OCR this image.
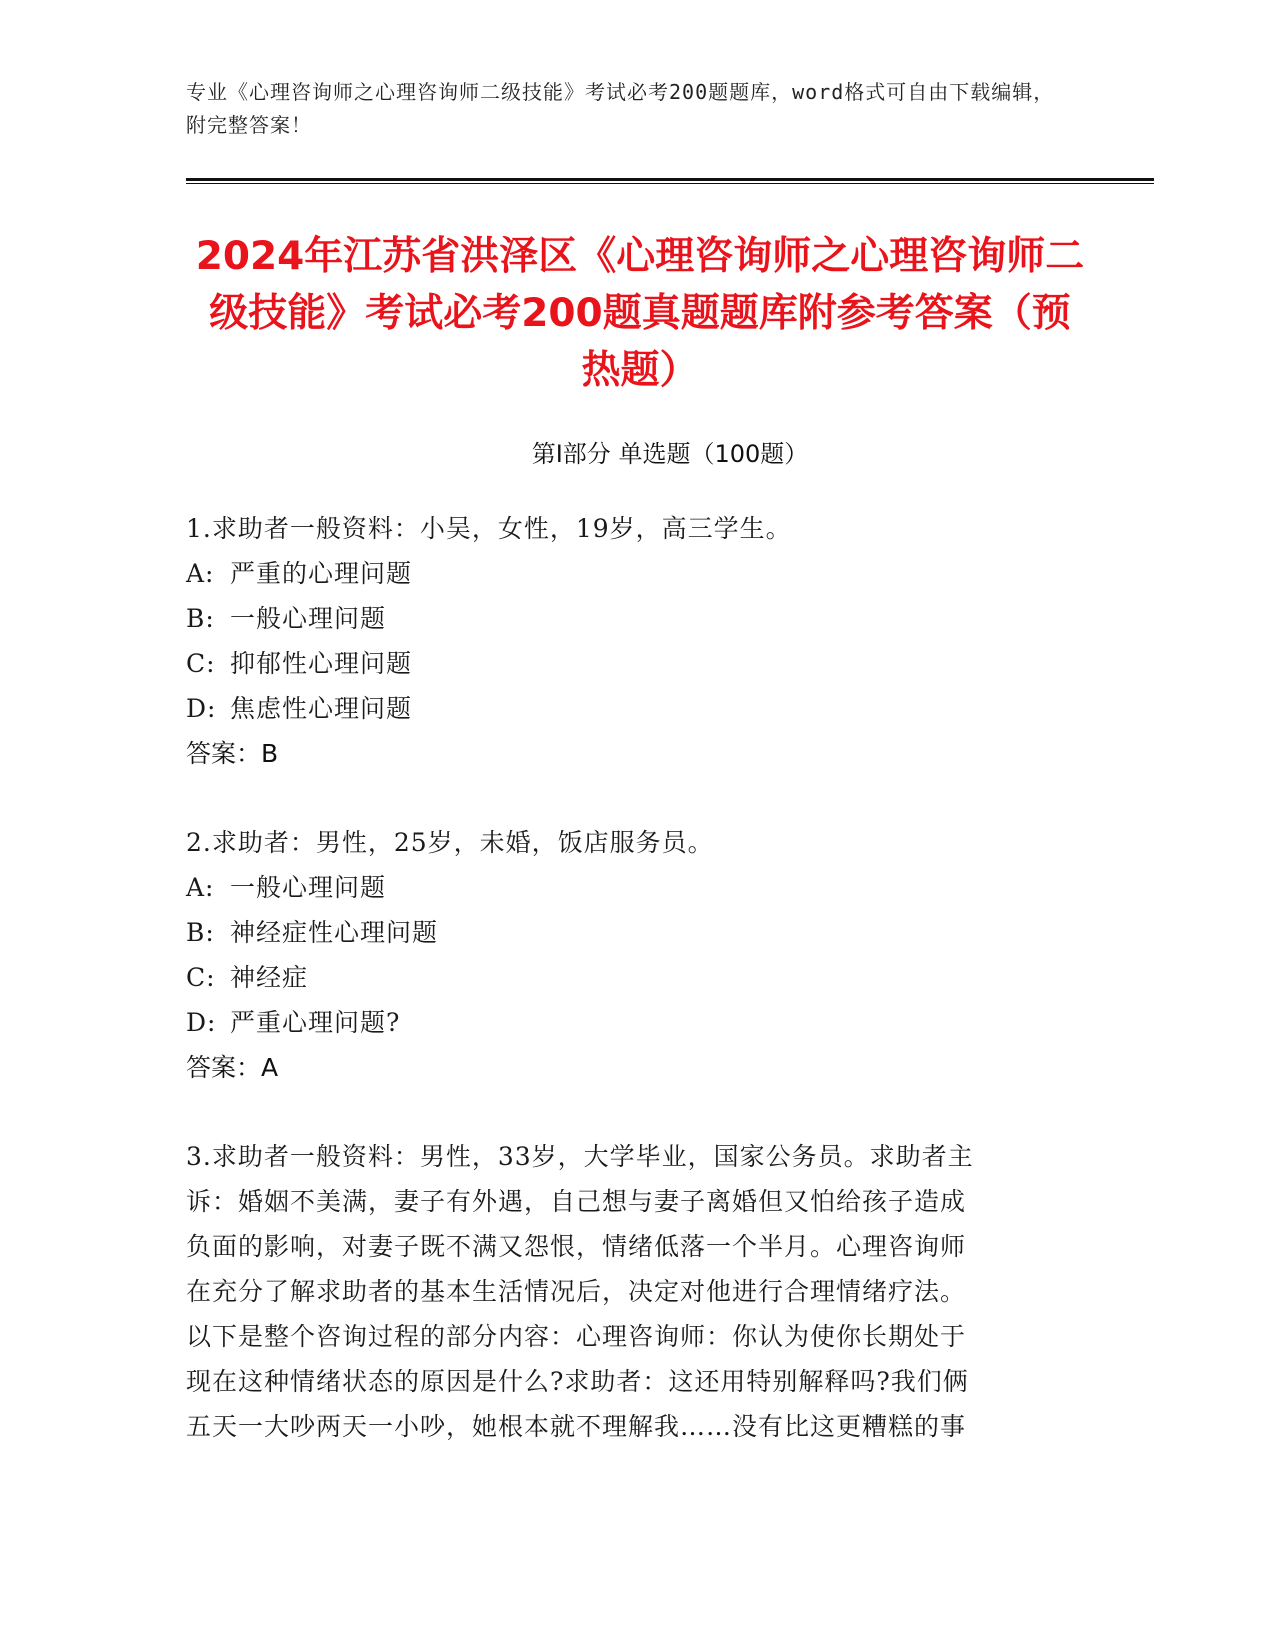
专业《心理咨询师之心理咨询师二级技能》考试必考200题题库，word格式可自由下载编辑，附完整答案！
2024年江苏省洪泽区《心理咨询师之心理咨询师二级技能》考试必考200题真题题库附参考答案（预热题）
第I部分 单选题（100题）
1.求助者一般资料：小吴，女性，19岁，高三学生。
A: 严重的心理问题
B: 一般心理问题
C: 抑郁性心理问题
D: 焦虑性心理问题
答案：B
2.求助者：男性，25岁，未婚，饭店服务员。
A: 一般心理问题
B: 神经症性心理问题
C: 神经症
D: 严重心理问题?
答案：A
3.求助者一般资料：男性，33岁，大学毕业，国家公务员。求助者主
诉：婚姻不美满，妻子有外遇，自己想与妻子离婚但又怕给孩子造成
负面的影响，对妻子既不满又怨恨，情绪低落一个半月。心理咨询师
在充分了解求助者的基本生活情况后，决定对他进行合理情绪疗法。
以下是整个咨询过程的部分内容：心理咨询师：你认为使你长期处于
现在这种情绪状态的原因是什么?求助者：这还用特别解释吗?我们俩
五天一大吵两天一小吵，她根本就不理解我……没有比这更糟糕的事
